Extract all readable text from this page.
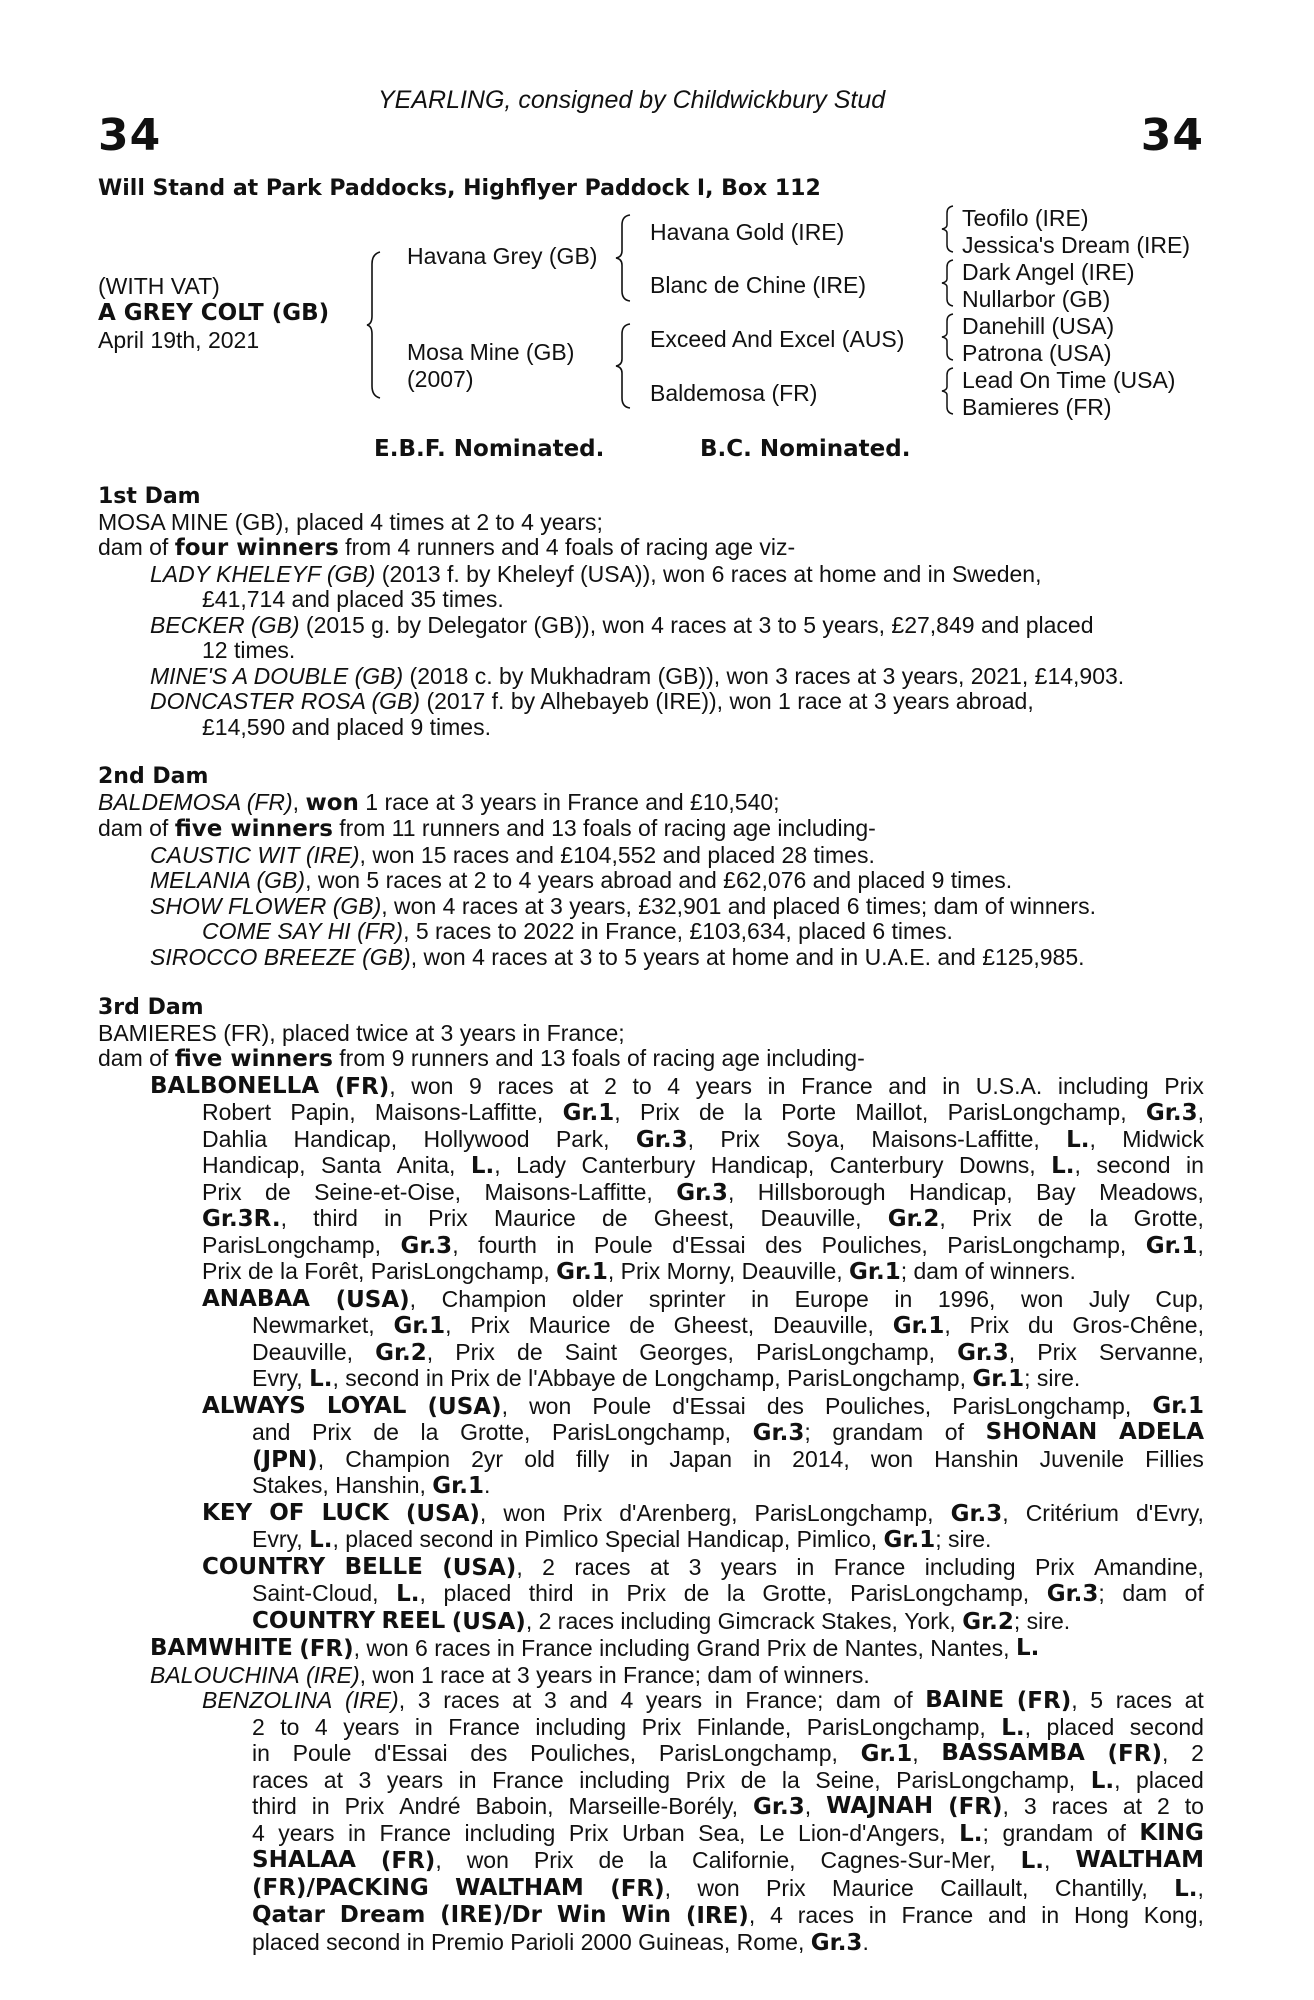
34	34
YEARLING, consigned by Childwickbury Stud
Will Stand at Park Paddocks, Highflyer Paddock I, Box 112
(WITH VAT)
A GREY COLT (GB)
April 19th, 2021
Havana Grey (GB)
Mosa Mine (GB)
(2007)
Havana Gold (IRE)
Blanc de Chine (IRE)
Exceed And Excel (AUS)
Baldemosa (FR)
Teofilo (IRE)
Jessica's Dream (IRE)
Dark Angel (IRE)
Nullarbor (GB)
Danehill (USA)
Patrona (USA)
Lead On Time (USA)
Bamieres (FR)
E.B.F. Nominated.	B.C. Nominated.
1st Dam
MOSA MINE (GB), placed 4 times at 2 to 4 years;
dam of four winners from 4 runners and 4 foals of racing age viz-
LADY KHELEYF (GB) (2013 f. by Kheleyf (USA)), won 6 races at home and in Sweden,
£41,714 and placed 35 times.
BECKER (GB) (2015 g. by Delegator (GB)), won 4 races at 3 to 5 years, £27,849 and placed
12 times.
MINE'S A DOUBLE (GB) (2018 c. by Mukhadram (GB)), won 3 races at 3 years, 2021, £14,903.
DONCASTER ROSA (GB) (2017 f. by Alhebayeb (IRE)), won 1 race at 3 years abroad,
£14,590 and placed 9 times.
2nd Dam
BALDEMOSA (FR), won 1 race at 3 years in France and £10,540;
dam of five winners from 11 runners and 13 foals of racing age including-
CAUSTIC WIT (IRE), won 15 races and £104,552 and placed 28 times.
MELANIA (GB), won 5 races at 2 to 4 years abroad and £62,076 and placed 9 times.
SHOW FLOWER (GB), won 4 races at 3 years, £32,901 and placed 6 times; dam of winners.
COME SAY HI (FR), 5 races to 2022 in France, £103,634, placed 6 times.
SIROCCO BREEZE (GB), won 4 races at 3 to 5 years at home and in U.A.E. and £125,985.
3rd Dam
BAMIERES (FR), placed twice at 3 years in France;
dam of five winners from 9 runners and 13 foals of racing age including-
BALBONELLA (FR), won 9 races at 2 to 4 years in France and in U.S.A. including Prix
Robert Papin, Maisons-Laffitte, Gr.1, Prix de la Porte Maillot, ParisLongchamp, Gr.3,
Dahlia Handicap, Hollywood Park, Gr.3, Prix Soya, Maisons-Laffitte, L., Midwick
Handicap, Santa Anita, L., Lady Canterbury Handicap, Canterbury Downs, L., second in
Prix de Seine-et-Oise, Maisons-Laffitte, Gr.3, Hillsborough Handicap, Bay Meadows,
Gr.3R., third in Prix Maurice de Gheest, Deauville, Gr.2, Prix de la Grotte,
ParisLongchamp, Gr.3, fourth in Poule d'Essai des Pouliches, ParisLongchamp, Gr.1,
Prix
de
la
Forêt,
ParisLongchamp,
Gr.1,
Prix
Morny,
Deauville,
Gr.1;
dam
of
winners.
ANABAA (USA), Champion older sprinter in Europe in 1996, won July Cup,
Newmarket, Gr.1, Prix Maurice de Gheest, Deauville, Gr.1, Prix du Gros-Chêne,
Deauville, Gr.2, Prix de Saint Georges, ParisLongchamp, Gr.3, Prix Servanne,
Evry,
L.,
second
in
Prix
de
l'Abbaye
de
Longchamp,
ParisLongchamp,
Gr.1;
sire.
ALWAYS LOYAL (USA), won Poule d'Essai des Pouliches, ParisLongchamp, Gr.1
and Prix de la Grotte, ParisLongchamp, Gr.3; grandam of SHONAN ADELA
(JPN), Champion 2yr old filly in Japan in 2014, won Hanshin Juvenile Fillies
Stakes,
Hanshin,
Gr.1.
KEY OF LUCK (USA), won Prix d'Arenberg, ParisLongchamp, Gr.3, Critérium d'Evry,
Evry,
L.,
placed
second
in
Pimlico
Special
Handicap,
Pimlico,
Gr.1;
sire.
COUNTRY BELLE (USA), 2 races at 3 years in France including Prix Amandine,
Saint-Cloud, L., placed third in Prix de la Grotte, ParisLongchamp, Gr.3; dam of
COUNTRY
REEL
(USA),
2
races
including
Gimcrack
Stakes,
York,
Gr.2;
sire.
BAMWHITE
(FR),
won
6
races
in
France
including
Grand
Prix
de
Nantes,
Nantes,
L.
BALOUCHINA
(IRE),
won
1
race
at
3
years
in
France;
dam
of
winners.
BENZOLINA (IRE), 3 races at 3 and 4 years in France; dam of BAINE (FR), 5 races at
2 to 4 years in France including Prix Finlande, ParisLongchamp, L., placed second
in Poule d'Essai des Pouliches, ParisLongchamp, Gr.1, BASSAMBA (FR), 2
races at 3 years in France including Prix de la Seine, ParisLongchamp, L., placed
third in Prix André Baboin, Marseille-Borély, Gr.3, WAJNAH (FR), 3 races at 2 to
4 years in France including Prix Urban Sea, Le Lion-d'Angers, L.; grandam of KING
SHALAA (FR), won Prix de la Californie, Cagnes-Sur-Mer, L., WALTHAM
(FR)/PACKING WALTHAM (FR), won Prix Maurice Caillault, Chantilly, L.,
Qatar Dream (IRE)/Dr Win Win (IRE), 4 races in France and in Hong Kong,
placed
second
in
Premio
Parioli
2000
Guineas,
Rome,
Gr.3.
